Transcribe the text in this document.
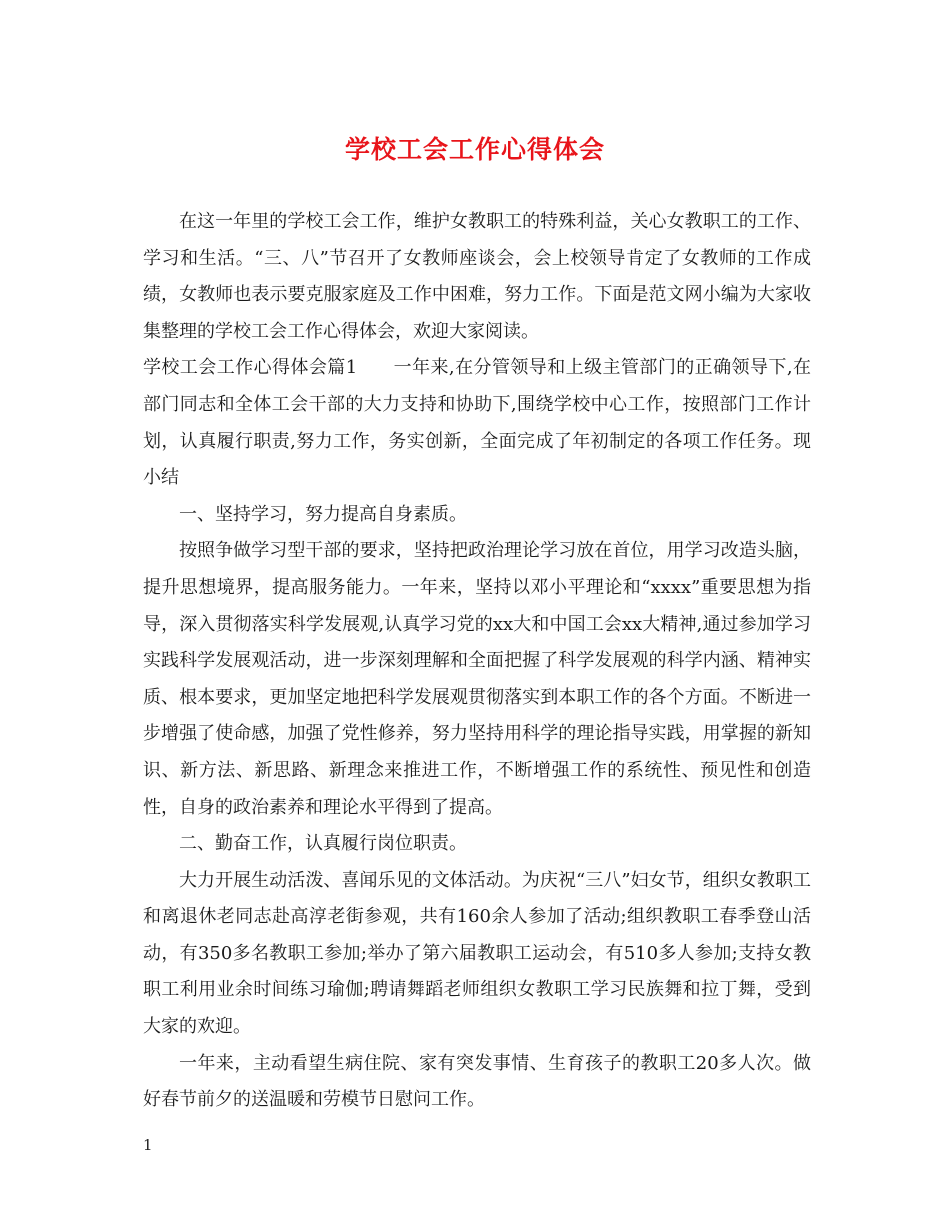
学校工会工作心得体会

在这一年里的学校工会工作，维护女教职工的特殊利益，关心女教职工的工作、学习和生活。“三、八”节召开了女教师座谈会，会上校领导肯定了女教师的工作成绩，女教师也表示要克服家庭及工作中困难，努力工作。下面是范文网小编为大家收集整理的学校工会工作心得体会，欢迎大家阅读。

学校工会工作心得体会篇1 一年来,在分管领导和上级主管部门的正确领导下,在部门同志和全体工会干部的大力支持和协助下,围绕学校中心工作，按照部门工作计划，认真履行职责,努力工作，务实创新，全面完成了年初制定的各项工作任务。现小结

一、坚持学习，努力提高自身素质。

按照争做学习型干部的要求，坚持把政治理论学习放在首位，用学习改造头脑，提升思想境界，提高服务能力。一年来，坚持以邓小平理论和“xxxx”重要思想为指导，深入贯彻落实科学发展观,认真学习党的xx大和中国工会xx大精神,通过参加学习实践科学发展观活动，进一步深刻理解和全面把握了科学发展观的科学内涵、精神实质、根本要求，更加坚定地把科学发展观贯彻落实到本职工作的各个方面。不断进一步增强了使命感，加强了党性修养，努力坚持用科学的理论指导实践，用掌握的新知识、新方法、新思路、新理念来推进工作，不断增强工作的系统性、预见性和创造性，自身的政治素养和理论水平得到了提高。

二、勤奋工作，认真履行岗位职责。

大力开展生动活泼、喜闻乐见的文体活动。为庆祝“三八”妇女节，组织女教职工和离退休老同志赴高淳老街参观，共有160余人参加了活动;组织教职工春季登山活动，有350多名教职工参加;举办了第六届教职工运动会，有510多人参加;支持女教职工利用业余时间练习瑜伽;聘请舞蹈老师组织女教职工学习民族舞和拉丁舞，受到大家的欢迎。

一年来，主动看望生病住院、家有突发事情、生育孩子的教职工20多人次。做好春节前夕的送温暖和劳模节日慰问工作。

1
